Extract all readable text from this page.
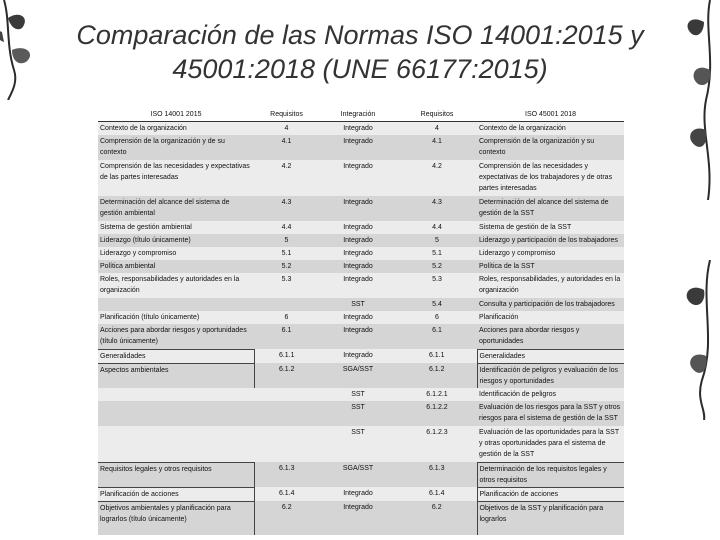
Comparación de las Normas ISO 14001:2015 y
45001:2018 (UNE 66177:2015)
ISO 14001 2015	Requisitos	Integración	Requisitos	ISO 45001 2018
Contexto de la organización	4	Integrado	4	Contexto de la organización
Comprensión de la organización y de su contexto	4.1	Integrado	4.1	Comprensión de la organización y su contexto
Comprensión de las necesidades y expectativas de las partes interesadas	4.2	Integrado	4.2	Comprensión de las necesidades y expectativas de los trabajadores y de otras partes interesadas
Determinación del alcance del sistema de gestión ambiental	4.3	Integrado	4.3	Determinación del alcance del sistema de gestión de la SST
Sistema de gestión ambiental	4.4	Integrado	4.4	Sistema de gestión de la SST
Liderazgo (título únicamente)	5	Integrado	5	Liderazgo y participación de los trabajadores
Liderazgo y compromiso	5.1	Integrado	5.1	Liderazgo y compromiso
Política ambiental	5.2	Integrado	5.2	Política de la SST
Roles, responsabilidades y autoridades en la organización	5.3	Integrado	5.3	Roles, responsabilidades, y autoridades en la organización
		SST	5.4	Consulta y participación de los trabajadores
Planificación (título únicamente)	6	Integrado	6	Planificación
Acciones para abordar riesgos y oportunidades (título únicamente)	6.1	Integrado	6.1	Acciones para abordar riesgos y oportunidades
Generalidades	6.1.1	Integrado	6.1.1	Generalidades
Aspectos ambientales	6.1.2	SGA/SST	6.1.2	Identificación de peligros y evaluación de los riesgos y oportunidades
		SST	6.1.2.1	Identificación de peligros
		SST	6.1.2.2	Evaluación de los riesgos para la SST y otros riesgos para el sistema de gestión de la SST
		SST	6.1.2.3	Evaluación de las oportunidades para la SST y otras oportunidades para el sistema de gestión de la SST
Requisitos legales y otros requisitos	6.1.3	SGA/SST	6.1.3	Determinación de los requisitos legales y otros requisitos
Planificación de acciones	6.1.4	Integrado	6.1.4	Planificación de acciones
Objetivos ambientales y planificación para lograrlos (título únicamente)	6.2	Integrado	6.2	Objetivos de la SST y planificación para lograrlos
